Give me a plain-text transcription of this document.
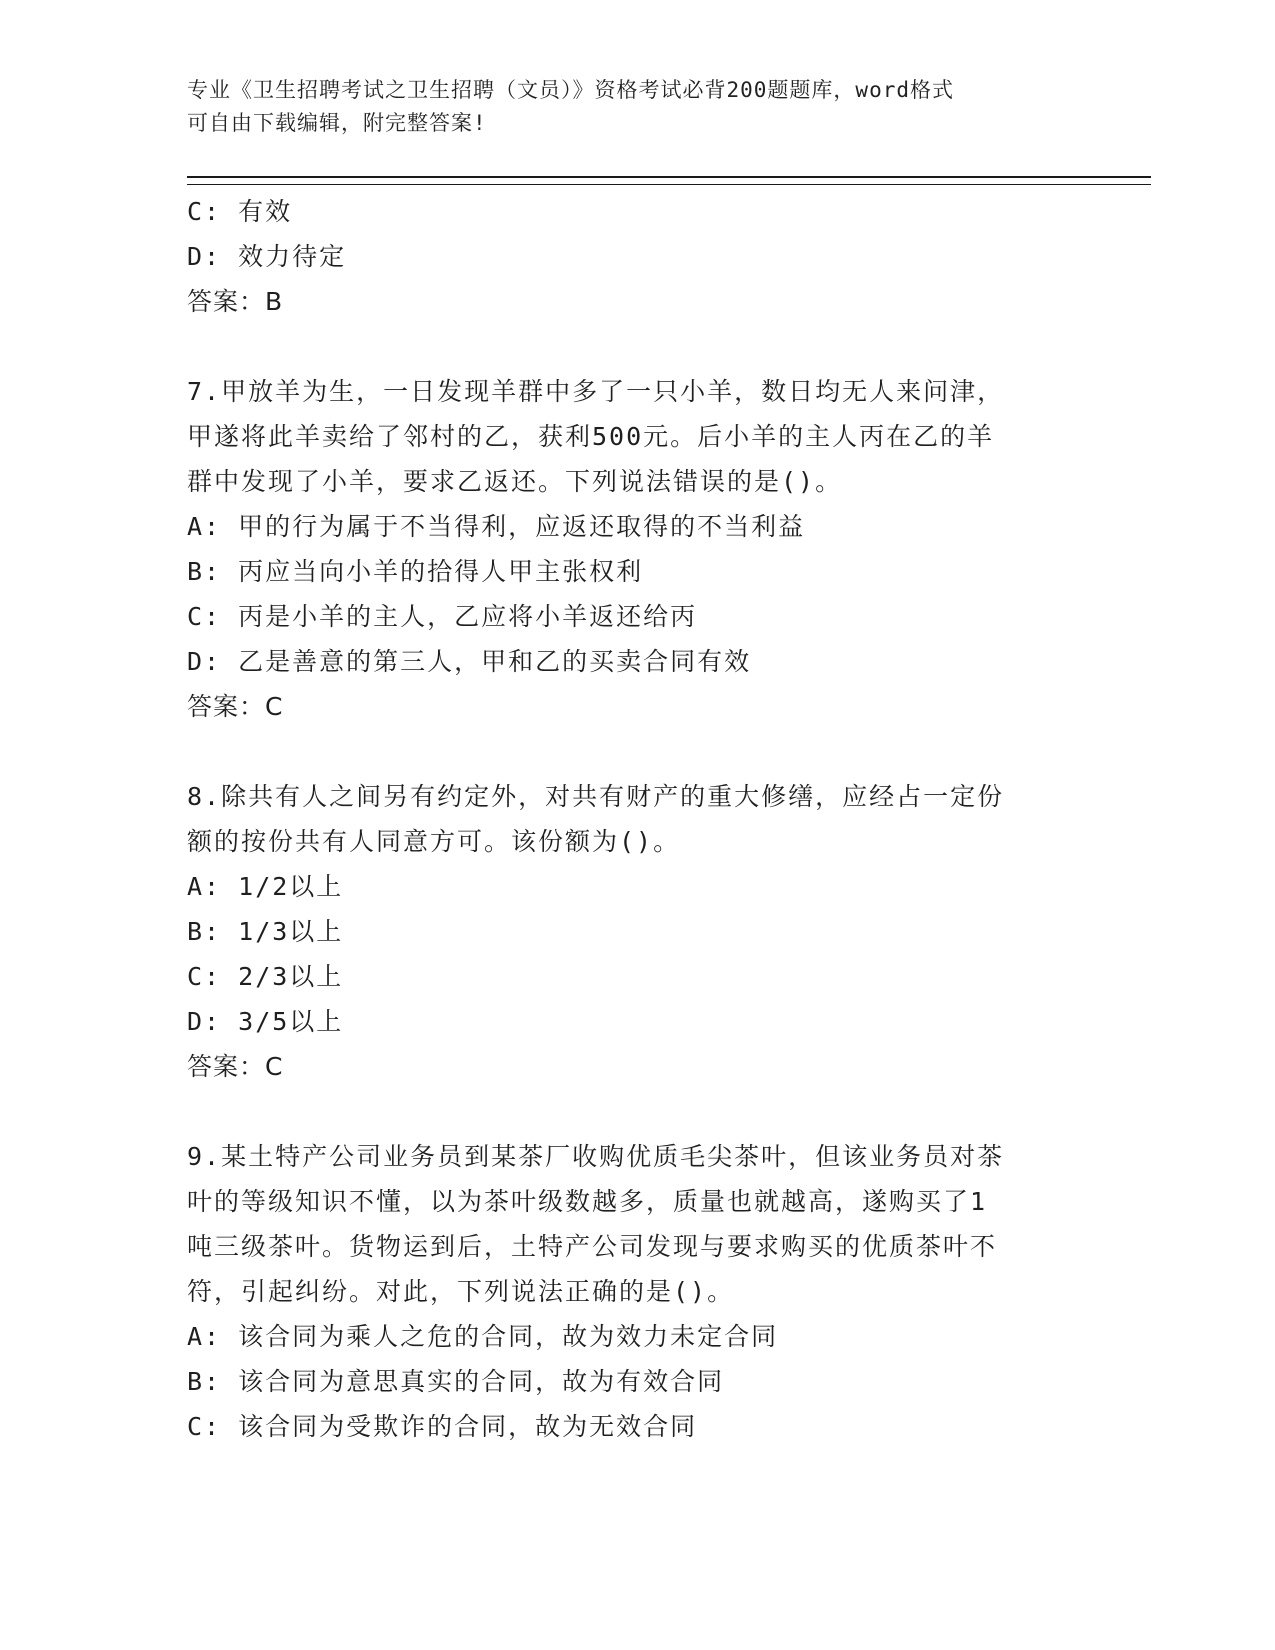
专业《卫生招聘考试之卫生招聘（文员）》资格考试必背200题题库，word格式
可自由下载编辑，附完整答案!
C: 有效
D: 效力待定
答案：B
7.甲放羊为生，一日发现羊群中多了一只小羊，数日均无人来问津，
甲遂将此羊卖给了邻村的乙，获利500元。后小羊的主人丙在乙的羊
群中发现了小羊，要求乙返还。下列说法错误的是()。
A: 甲的行为属于不当得利，应返还取得的不当利益
B: 丙应当向小羊的拾得人甲主张权利
C: 丙是小羊的主人，乙应将小羊返还给丙
D: 乙是善意的第三人，甲和乙的买卖合同有效
答案：C
8.除共有人之间另有约定外，对共有财产的重大修缮，应经占一定份
额的按份共有人同意方可。该份额为()。
A: 1/2以上
B: 1/3以上
C: 2/3以上
D: 3/5以上
答案：C
9.某土特产公司业务员到某茶厂收购优质毛尖茶叶，但该业务员对茶
叶的等级知识不懂，以为茶叶级数越多，质量也就越高，遂购买了1
吨三级茶叶。货物运到后，土特产公司发现与要求购买的优质茶叶不
符，引起纠纷。对此，下列说法正确的是()。
A: 该合同为乘人之危的合同，故为效力未定合同
B: 该合同为意思真实的合同，故为有效合同
C: 该合同为受欺诈的合同，故为无效合同
